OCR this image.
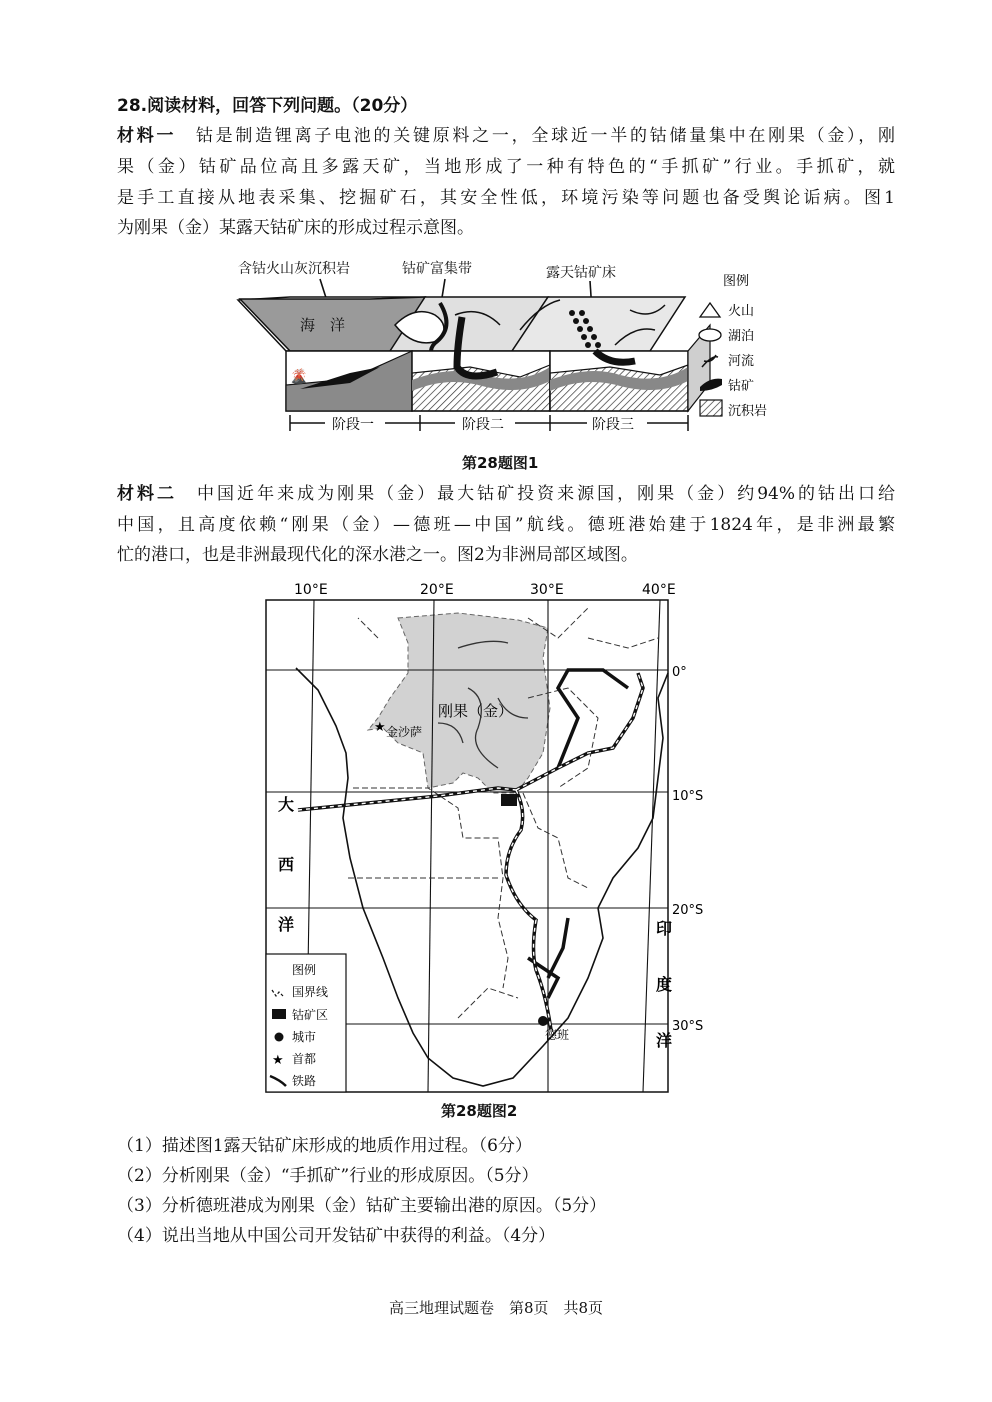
28.阅读材料，回答下列问题。（20分）
材料一　 钴是制造锂离子电池的关键原料之一，全球近一半的钴储量集中在刚果（金），刚
果（金）钴矿品位高且多露天矿，当地形成了一种有特色的“手抓矿”行业。手抓矿，就
是手工直接从地表采集、挖掘矿石，其安全性低，环境污染等问题也备受舆论诟病。图1
为刚果（金）某露天钴矿床的形成过程示意图。
含钴火山灰沉积岩	钴矿富集带	露天钴矿床
海　洋
🌋
阶段一	阶段二	阶段三
图例
火山
湖泊
河流
钴矿
沉积岩
第28题图1
材料二　 中国近年来成为刚果（金）最大钴矿投资来源国，刚果（金）约94%的钴出口给
中国，且高度依赖“刚果（金）—德班—中国”航线。德班港始建于1824年，是非洲最繁
忙的港口，也是非洲最现代化的深水港之一。图2为非洲局部区域图。
10°E	20°E	30°E	40°E
★ 金沙萨
刚果（金）
德班
0°
10°S
20°S
30°S
大
西
洋	印
度
洋
图例
国界线
钴矿区
城市
★ 首都
铁路
第28题图2
（1）描述图1露天钴矿床形成的地质作用过程。（6分）
（2）分析刚果（金）“手抓矿”行业的形成原因。（5分）
（3）分析德班港成为刚果（金）钴矿主要输出港的原因。（5分）
（4）说出当地从中国公司开发钴矿中获得的利益。（4分）
高三地理试题卷　第8页　共8页
